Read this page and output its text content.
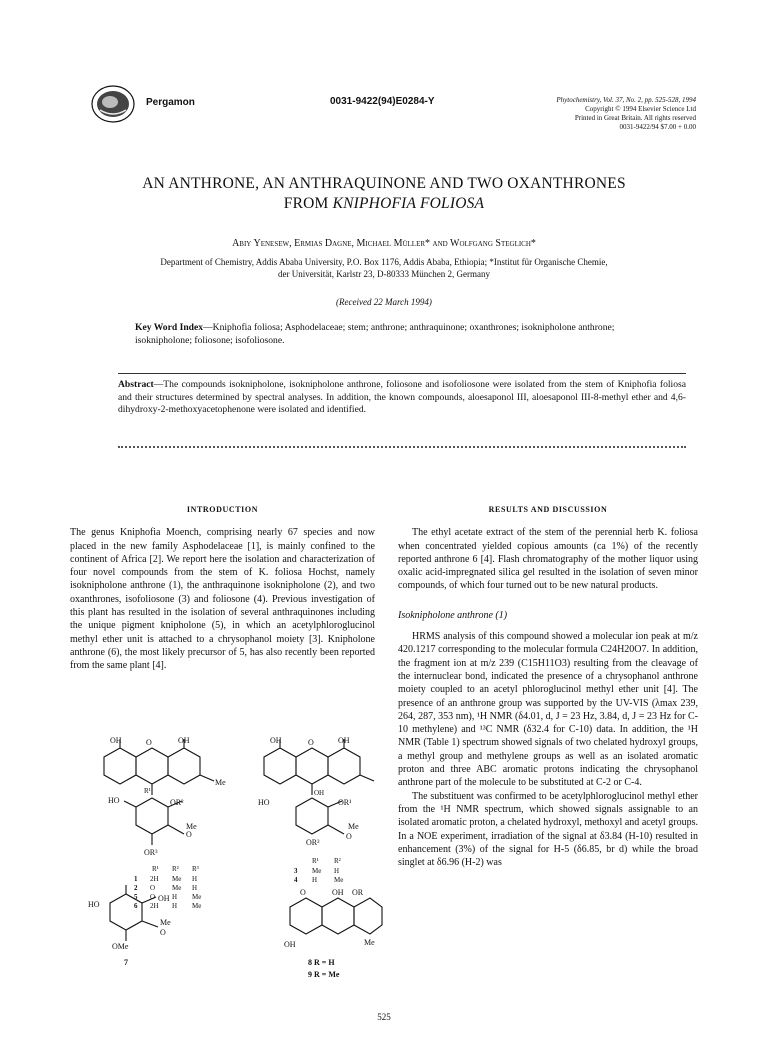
Pergamon	0031-9422(94)E0284-Y	Phytochemistry, Vol. 37, No. 2, pp. 525-528, 1994
Copyright © 1994 Elsevier Science Ltd
Printed in Great Britain. All rights reserved
0031-9422/94 $7.00 + 0.00
AN ANTHRONE, AN ANTHRAQUINONE AND TWO OXANTHRONES
FROM KNIPHOFIA FOLIOSA
Abiy Yenesew, Ermias Dagne, Michael Müller* and Wolfgang Steglich*
Department of Chemistry, Addis Ababa University, P.O. Box 1176, Addis Ababa, Ethiopia; *Institut für Organische Chemie,
der Universität, Karlstr 23, D-80333 München 2, Germany
(Received 22 March 1994)
Key Word Index—Kniphofia foliosa; Asphodelaceae; stem; anthrone; anthraquinone; oxanthrones; isoknipholone anthrone; isoknipholone; foliosone; isofoliosone.
Abstract—The compounds isoknipholone, isoknipholone anthrone, foliosone and isofoliosone were isolated from the stem of Kniphofia foliosa and their structures determined by spectral analyses. In addition, the known compounds, aloesaponol III, aloesaponol III-8-methyl ether and 4,6-dihydroxy-2-methoxyacetophenone were isolated and identified.
INTRODUCTION

The genus Kniphofia Moench, comprising nearly 67 species and now placed in the new family Asphodelaceae [1], is mainly confined to the continent of Africa [2]. We report here the isolation and characterization of four novel compounds from the stem of K. foliosa Hochst, namely isoknipholone anthrone (1), the anthraquinone isoknipholone (2), and two oxanthrones, isofoliosone (3) and foliosone (4). Previous investigation of this plant has resulted in the isolation of several anthraquinones including the unique pigment knipholone (5), in which an acetylphloroglucinol methyl ether unit is attached to a chrysophanol moiety [3]. Knipholone anthrone (6), the most likely precursor of 5, has also recently been reported from the same plant [4].

OH	O	OH
Me
R¹
OR²
HO
OR³
O
Me
R¹ R² R³
1 2H Me H
2 O Me H
5 O H Me
6 2H H Me
HO
OH
OMe
O
Me
7
OH	O	OH
OH
OR¹
HO
OR²
O
Me
R¹ R²
3 Me H
4 H Me
O	OH OR
OH	Me
8 R = H
9 R = Me
RESULTS AND DISCUSSION

The ethyl acetate extract of the stem of the perennial herb K. foliosa when concentrated yielded copious amounts (ca 1%) of the recently reported anthrone 6 [4]. Flash chromatography of the mother liquor using oxalic acid-impregnated silica gel resulted in the isolation of seven minor compounds, of which four turned out to be new natural products.

Isoknipholone anthrone (1)

HRMS analysis of this compound showed a molecular ion peak at m/z 420.1217 corresponding to the molecular formula C24H20O7. In addition, the fragment ion at m/z 239 (C15H11O3) resulting from the cleavage of the internuclear bond, indicated the presence of a chrysophanol anthrone moiety coupled to an acetyl phloroglucinol methyl ether unit [4]. The presence of an anthrone group was supported by the UV-VIS (λmax 239, 264, 287, 353 nm), ¹H NMR (δ4.01, d, J = 23 Hz, 3.84, d, J = 23 Hz for C-10 methylene) and ¹³C NMR (δ32.4 for C-10) data. In addition, the ¹H NMR (Table 1) spectrum showed signals of two chelated hydroxyl groups, a methyl group and methylene groups as well as an isolated aromatic proton and three ABC aromatic protons indicating the chrysophanol anthrone part of the molecule to be substituted at C-2 or C-4.

The substituent was confirmed to be acetylphloroglucinol methyl ether from the ¹H NMR spectrum, which showed signals assignable to an isolated aromatic proton, a chelated hydroxyl, methoxyl and acetyl groups. In a NOE experiment, irradiation of the signal at δ3.84 (H-10) resulted in enhancement (3%) of the signal for H-5 (δ6.85, br d) while the broad singlet at δ6.96 (H-2) was

525
